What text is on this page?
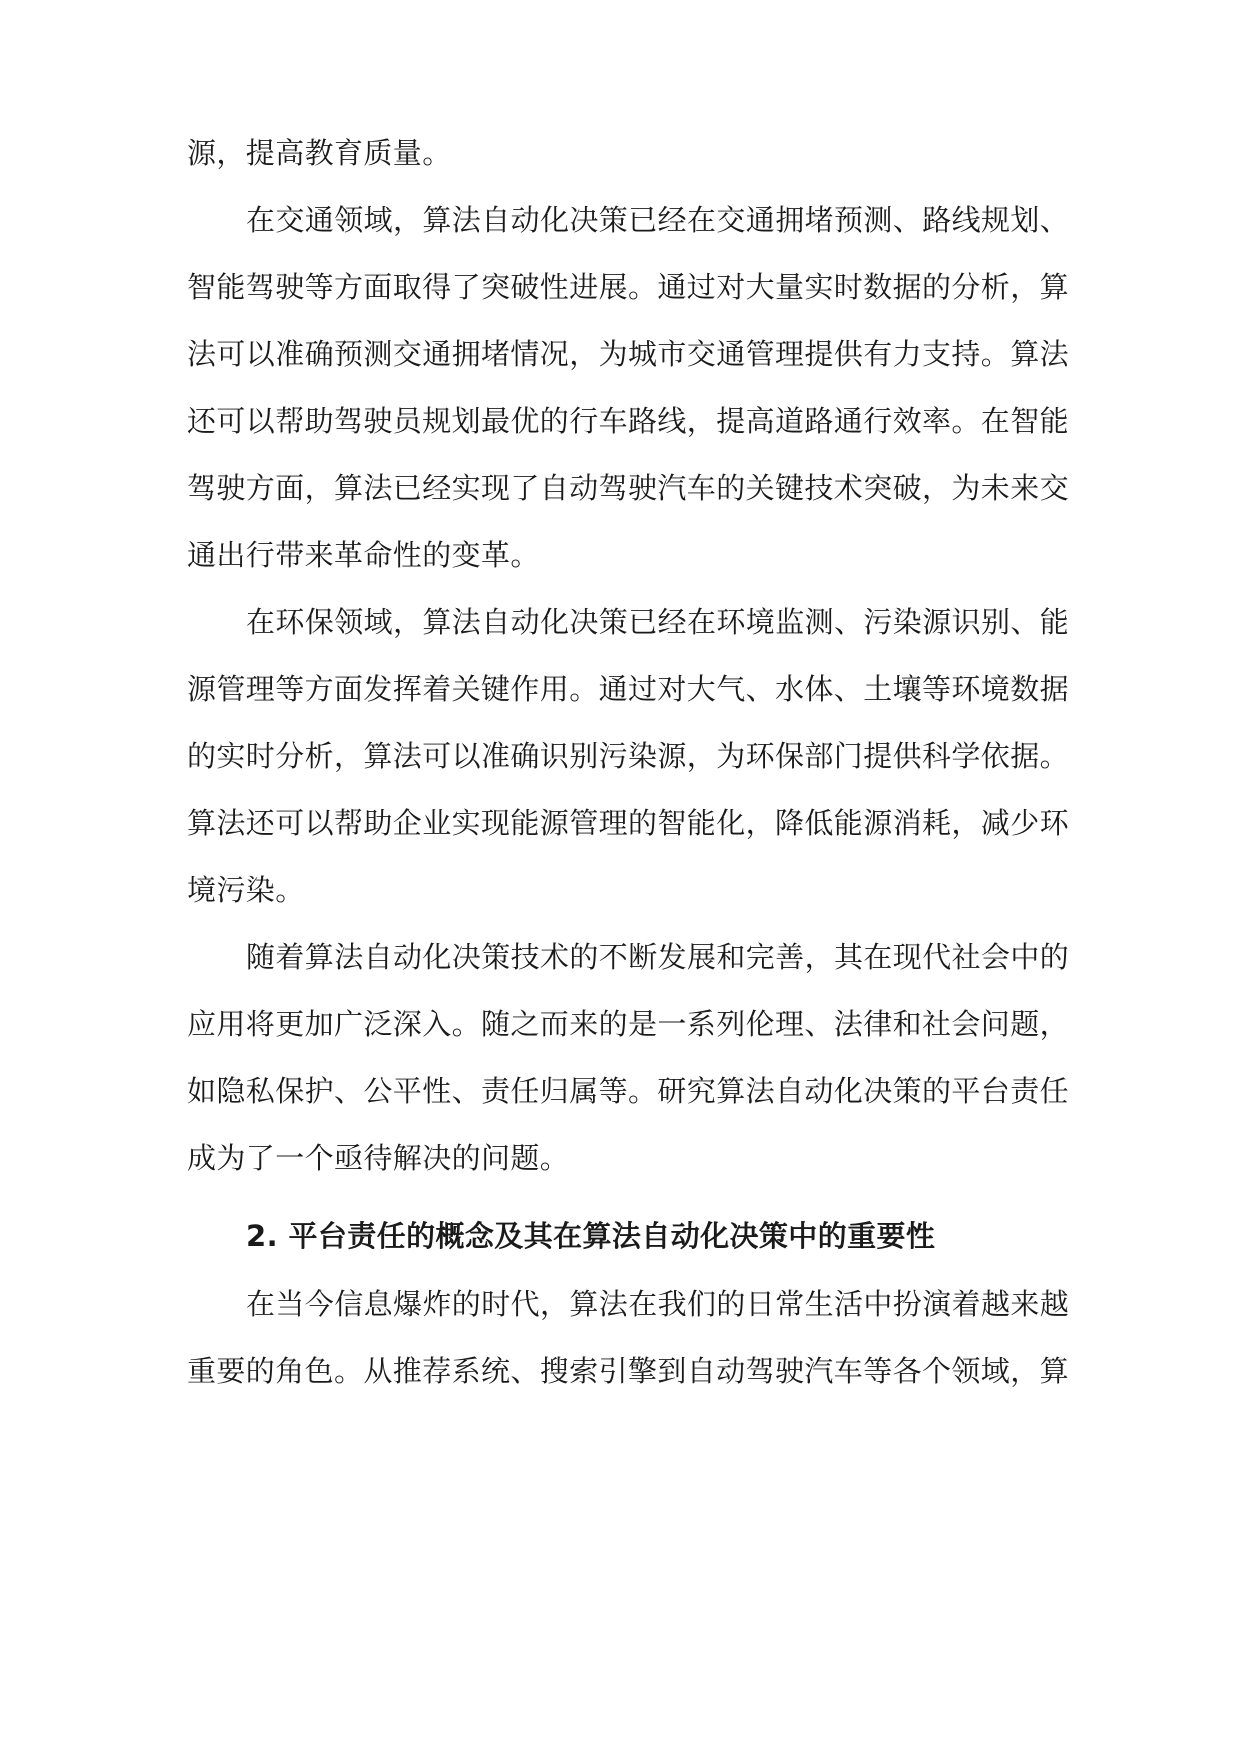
源，提高教育质量。
在交通领域，算法自动化决策已经在交通拥堵预测、路线规划、
智能驾驶等方面取得了突破性进展。通过对大量实时数据的分析，算
法可以准确预测交通拥堵情况，为城市交通管理提供有力支持。算法
还可以帮助驾驶员规划最优的行车路线，提高道路通行效率。在智能
驾驶方面，算法已经实现了自动驾驶汽车的关键技术突破，为未来交
通出行带来革命性的变革。
在环保领域，算法自动化决策已经在环境监测、污染源识别、能
源管理等方面发挥着关键作用。通过对大气、水体、土壤等环境数据
的实时分析，算法可以准确识别污染源，为环保部门提供科学依据。
算法还可以帮助企业实现能源管理的智能化，降低能源消耗，减少环
境污染。
随着算法自动化决策技术的不断发展和完善，其在现代社会中的
应用将更加广泛深入。随之而来的是一系列伦理、法律和社会问题，
如隐私保护、公平性、责任归属等。研究算法自动化决策的平台责任
成为了一个亟待解决的问题。
2. 平台责任的概念及其在算法自动化决策中的重要性
在当今信息爆炸的时代，算法在我们的日常生活中扮演着越来越
重要的角色。从推荐系统、搜索引擎到自动驾驶汽车等各个领域，算
